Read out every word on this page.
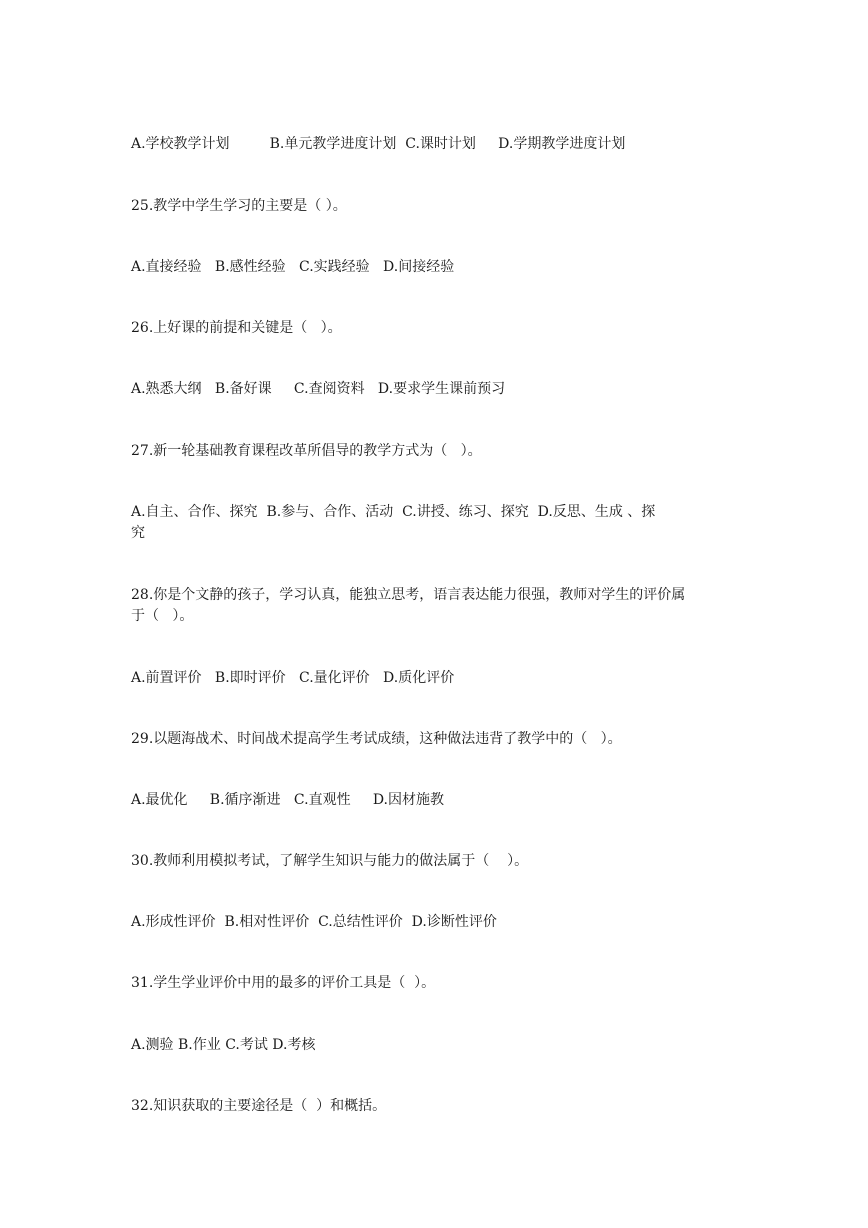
A.学校教学计划         B.单元教学进度计划  C.课时计划     D.学期教学进度计划
25.教学中学生学习的主要是（ ）。
A.直接经验   B.感性经验   C.实践经验   D.间接经验
26.上好课的前提和关键是（   ）。
A.熟悉大纲   B.备好课     C.查阅资料   D.要求学生课前预习
27.新一轮基础教育课程改革所倡导的教学方式为（   ）。
A.自主、合作、探究  B.参与、合作、活动  C.讲授、练习、探究  D.反思、生成 、探
究
28.你是个文静的孩子，学习认真，能独立思考，语言表达能力很强，教师对学生的评价属
于（   ）。
A.前置评价   B.即时评价   C.量化评价   D.质化评价
29.以题海战术、时间战术提高学生考试成绩，这种做法违背了教学中的（   ）。
A.最优化     B.循序渐进   C.直观性     D.因材施教
30.教师利用模拟考试，了解学生知识与能力的做法属于（    ）。
A.形成性评价  B.相对性评价  C.总结性评价  D.诊断性评价
31.学生学业评价中用的最多的评价工具是（  ）。
A.测验 B.作业 C.考试 D.考核
32.知识获取的主要途径是（  ）和概括。
